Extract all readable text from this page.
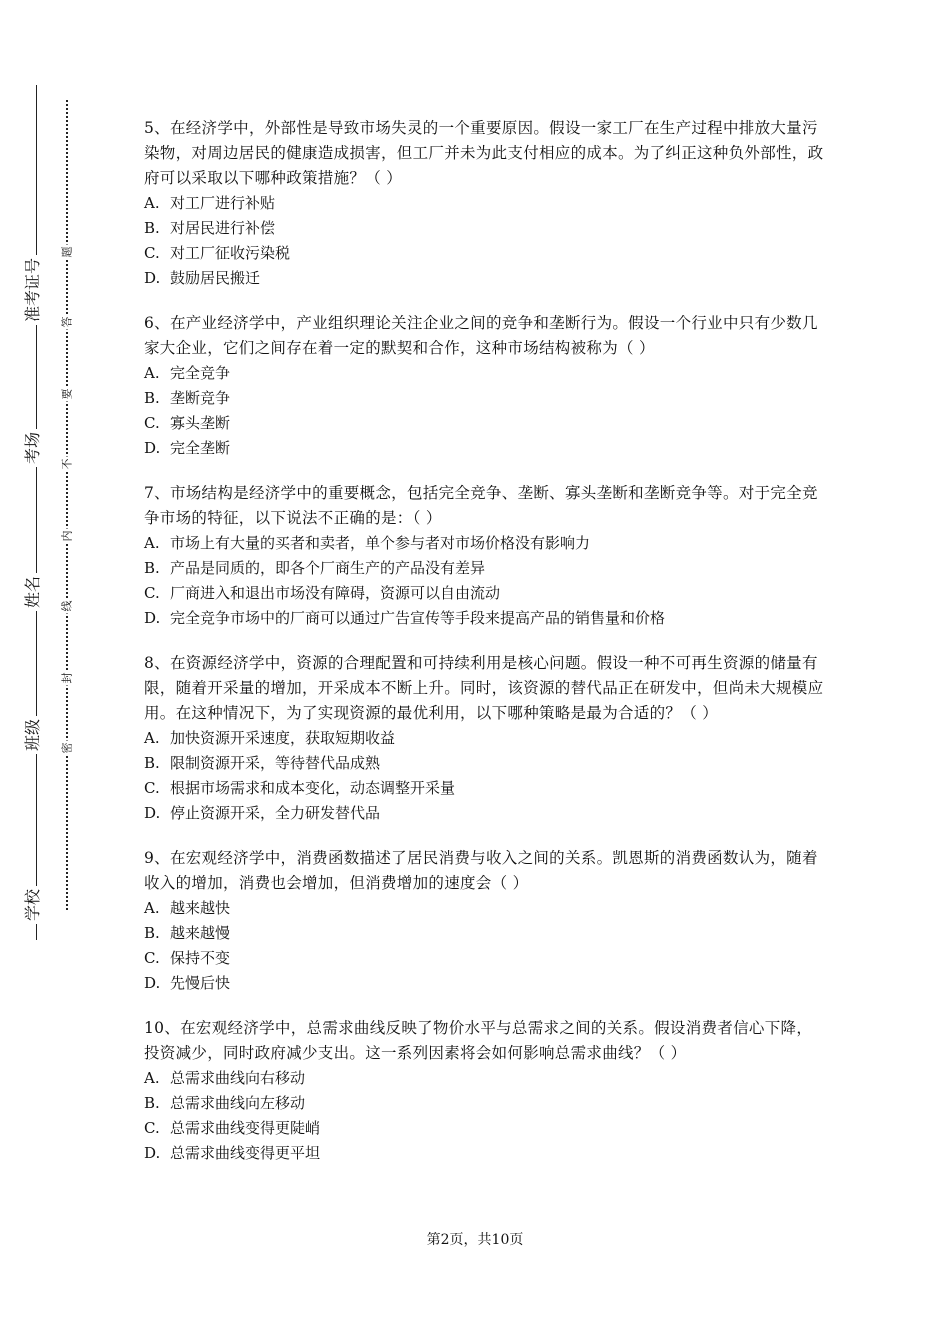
准考证号
考场
姓名
班级
学校
题
答
要
不
内
线
封
密

5、在经济学中，外部性是导致市场失灵的一个重要原因。假设一家工厂在生产过程中排放大量污染物，对周边居民的健康造成损害，但工厂并未为此支付相应的成本。为了纠正这种负外部性，政府可以采取以下哪种政策措施？（ ）

A. 对工厂进行补贴

B. 对居民进行补偿

C. 对工厂征收污染税

D. 鼓励居民搬迁

6、在产业经济学中，产业组织理论关注企业之间的竞争和垄断行为。假设一个行业中只有少数几家大企业，它们之间存在着一定的默契和合作，这种市场结构被称为（ ）

A. 完全竞争

B. 垄断竞争

C. 寡头垄断

D. 完全垄断

7、市场结构是经济学中的重要概念，包括完全竞争、垄断、寡头垄断和垄断竞争等。对于完全竞争市场的特征，以下说法不正确的是：（ ）

A. 市场上有大量的买者和卖者，单个参与者对市场价格没有影响力

B. 产品是同质的，即各个厂商生产的产品没有差异

C. 厂商进入和退出市场没有障碍，资源可以自由流动

D. 完全竞争市场中的厂商可以通过广告宣传等手段来提高产品的销售量和价格

8、在资源经济学中，资源的合理配置和可持续利用是核心问题。假设一种不可再生资源的储量有限，随着开采量的增加，开采成本不断上升。同时，该资源的替代品正在研发中，但尚未大规模应用。在这种情况下，为了实现资源的最优利用，以下哪种策略是最为合适的？（ ）

A. 加快资源开采速度，获取短期收益

B. 限制资源开采，等待替代品成熟

C. 根据市场需求和成本变化，动态调整开采量

D. 停止资源开采，全力研发替代品

9、在宏观经济学中，消费函数描述了居民消费与收入之间的关系。凯恩斯的消费函数认为，随着收入的增加，消费也会增加，但消费增加的速度会（ ）

A. 越来越快

B. 越来越慢

C. 保持不变

D. 先慢后快

10、在宏观经济学中，总需求曲线反映了物价水平与总需求之间的关系。假设消费者信心下降，投资减少，同时政府减少支出。这一系列因素将会如何影响总需求曲线？（ ）

A. 总需求曲线向右移动

B. 总需求曲线向左移动

C. 总需求曲线变得更陡峭

D. 总需求曲线变得更平坦

第2页，共10页
